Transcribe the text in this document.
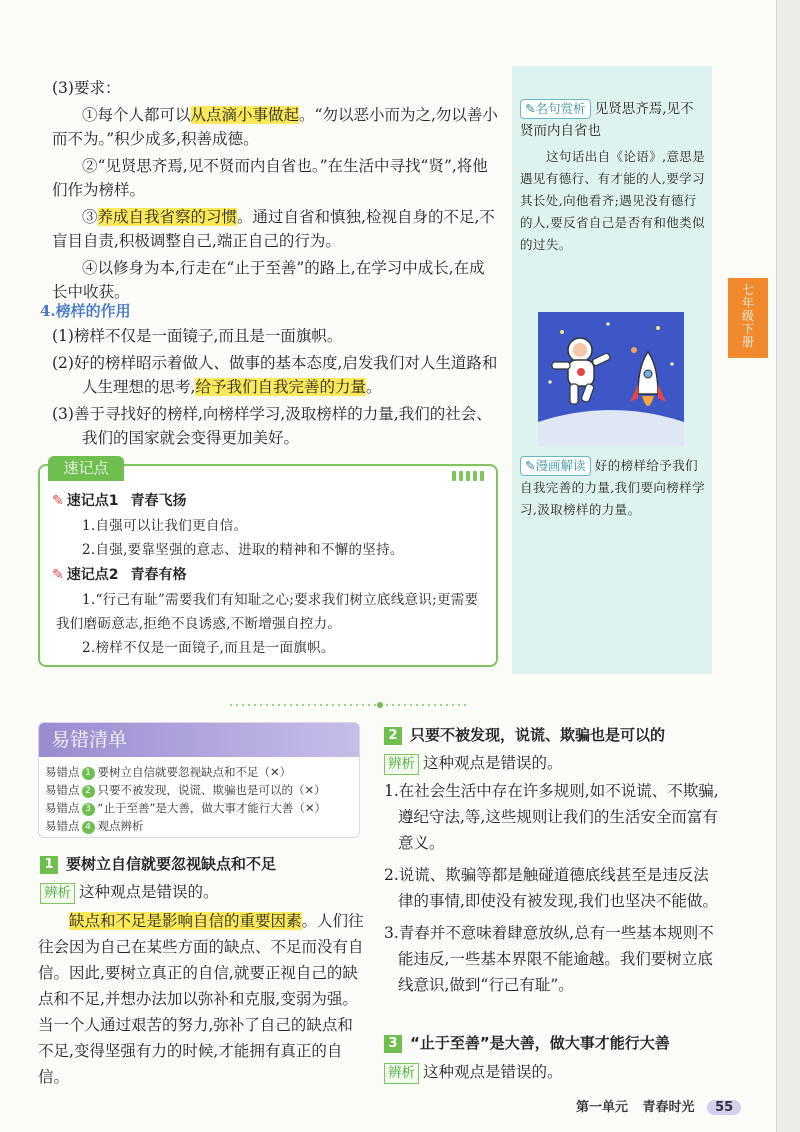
✎名句赏析 见贤思齐焉,见不贤而内自省也
这句话出自《论语》,意思是遇见有德行、有才能的人,要学习其长处,向他看齐;遇见没有德行的人,要反省自己是否有和他类似的过失。
✎漫画解读 好的榜样给予我们自我完善的力量,我们要向榜样学习,汲取榜样的力量。
七
年
级
下
册

(3)要求：

①每个人都可以从点滴小事做起。“勿以恶小而为之,勿以善小而不为。”积少成多,积善成德。

②“见贤思齐焉,见不贤而内自省也。”在生活中寻找“贤”,将他们作为榜样。

③养成自我省察的习惯。通过自省和慎独,检视自身的不足,不盲目自责,积极调整自己,端正自己的行为。

④以修身为本,行走在“止于至善”的路上,在学习中成长,在成长中收获。

4.榜样的作用

(1)榜样不仅是一面镜子,而且是一面旗帜。

(2)好的榜样昭示着做人、做事的基本态度,启发我们对人生道路和人生理想的思考,给予我们自我完善的力量。

(3)善于寻找好的榜样,向榜样学习,汲取榜样的力量,我们的社会、我们的国家就会变得更加美好。

速记点
✎ 速记点1 青春飞扬
1.自强可以让我们更自信。
2.自强,要靠坚强的意志、进取的精神和不懈的坚持。
✎ 速记点2 青春有格
1.“行己有耻”需要我们有知耻之心;要求我们树立底线意识;更需要我们磨砺意志,拒绝不良诱惑,不断增强自控力。
2.榜样不仅是一面镜子,而且是一面旗帜。
易错清单
易错点 1 要树立自信就要忽视缺点和不足（✕）
易错点 2 只要不被发现，说谎、欺骗也是可以的（✕）
易错点 3 “止于至善”是大善，做大事才能行大善（✕）
易错点 4 观点辨析
1 要树立自信就要忽视缺点和不足
辨析 这种观点是错误的。
缺点和不足是影响自信的重要因素。人们往往会因为自己在某些方面的缺点、不足而没有自信。因此,要树立真正的自信,就要正视自己的缺点和不足,并想办法加以弥补和克服,变弱为强。当一个人通过艰苦的努力,弥补了自己的缺点和不足,变得坚强有力的时候,才能拥有真正的自信。
2 只要不被发现，说谎、欺骗也是可以的
辨析 这种观点是错误的。

1.在社会生活中存在许多规则,如不说谎、不欺骗,遵纪守法,等,这些规则让我们的生活安全而富有意义。

2.说谎、欺骗等都是触碰道德底线甚至是违反法律的事情,即使没有被发现,我们也坚决不能做。

3.青春并不意味着肆意放纵,总有一些基本规则不能违反,一些基本界限不能逾越。我们要树立底线意识,做到“行己有耻”。

3 “止于至善”是大善，做大事才能行大善
辨析 这种观点是错误的。
第一单元 青春时光 55
